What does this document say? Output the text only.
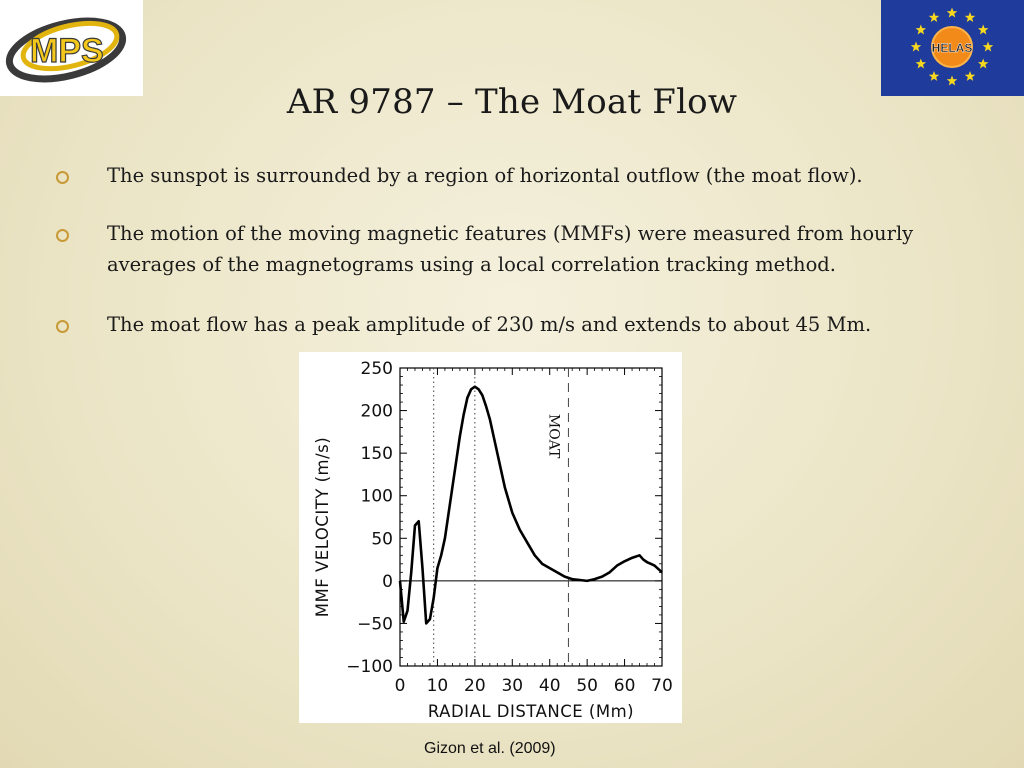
MPS	HELAS
AR 9787 – The Moat Flow
The sunspot is surrounded by a region of horizontal outflow (the moat flow).
The motion of the moving magnetic features (MMFs) were measured from hourly averages of the magnetograms using a local correlation tracking method.
The moat flow has a peak amplitude of 230 m/s and extends to about 45 Mm.
250
200
150
100
50
0
−50
−100
0 10 20 30 40 50 60 70
MOAT
RADIAL DISTANCE (Mm)
MMF VELOCITY (m/s)
Gizon et al. (2009)
